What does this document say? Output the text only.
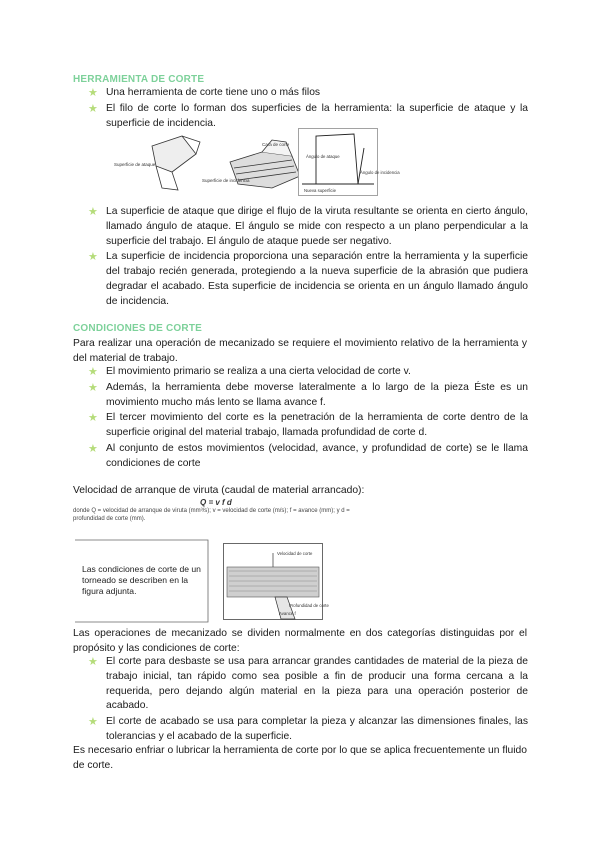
HERRAMIENTA DE CORTE
★ Una herramienta de corte tiene uno o más filos
★ El filo de corte lo forman dos superficies de la herramienta: la superficie de ataque y la superficie de incidencia.
Superficie de ataque
Cara de corte
Superficie de incidencia
Ángulo de ataque
Ángulo de incidencia
Nueva superficie
★ La superficie de ataque que dirige el flujo de la viruta resultante se orienta en cierto ángulo, llamado ángulo de ataque. El ángulo se mide con respecto a un plano perpendicular a la superficie del trabajo. El ángulo de ataque puede ser negativo.
★ La superficie de incidencia proporciona una separación entre la herramienta y la superficie del trabajo recién generada, protegiendo a la nueva superficie de la abrasión que pudiera degradar el acabado. Esta superficie de incidencia se orienta en un ángulo llamado ángulo de incidencia.
CONDICIONES DE CORTE
Para realizar una operación de mecanizado se requiere el movimiento relativo de la herramienta y del material de trabajo.
★ El movimiento primario se realiza a una cierta velocidad de corte v.
★ Además, la herramienta debe moverse lateralmente a lo largo de la pieza Éste es un movimiento mucho más lento se llama avance f.
★ El tercer movimiento del corte es la penetración de la herramienta de corte dentro de la superficie original del material trabajo, llamada profundidad de corte d.
★ Al conjunto de estos movimientos (velocidad, avance, y profundidad de corte) se le llama condiciones de corte
Velocidad de arranque de viruta (caudal de material arrancado):
Q = v f d
donde Q = velocidad de arranque de viruta (mm³/s); v = velocidad de corte (m/s); f = avance (mm); y d = profundidad de corte (mm).
Las condiciones de corte de un torneado se describen en la figura adjunta.
Velocidad de corte
Profundidad de corte
Avance f
Las operaciones de mecanizado se dividen normalmente en dos categorías distinguidas por el propósito y las condiciones de corte:
★ El corte para desbaste se usa para arrancar grandes cantidades de material de la pieza de trabajo inicial, tan rápido como sea posible a fin de producir una forma cercana a la requerida, pero dejando algún material en la pieza para una operación posterior de acabado.
★ El corte de acabado se usa para completar la pieza y alcanzar las dimensiones finales, las tolerancias y el acabado de la superficie.
Es necesario enfriar o lubricar la herramienta de corte por lo que se aplica frecuentemente un fluido de corte.
